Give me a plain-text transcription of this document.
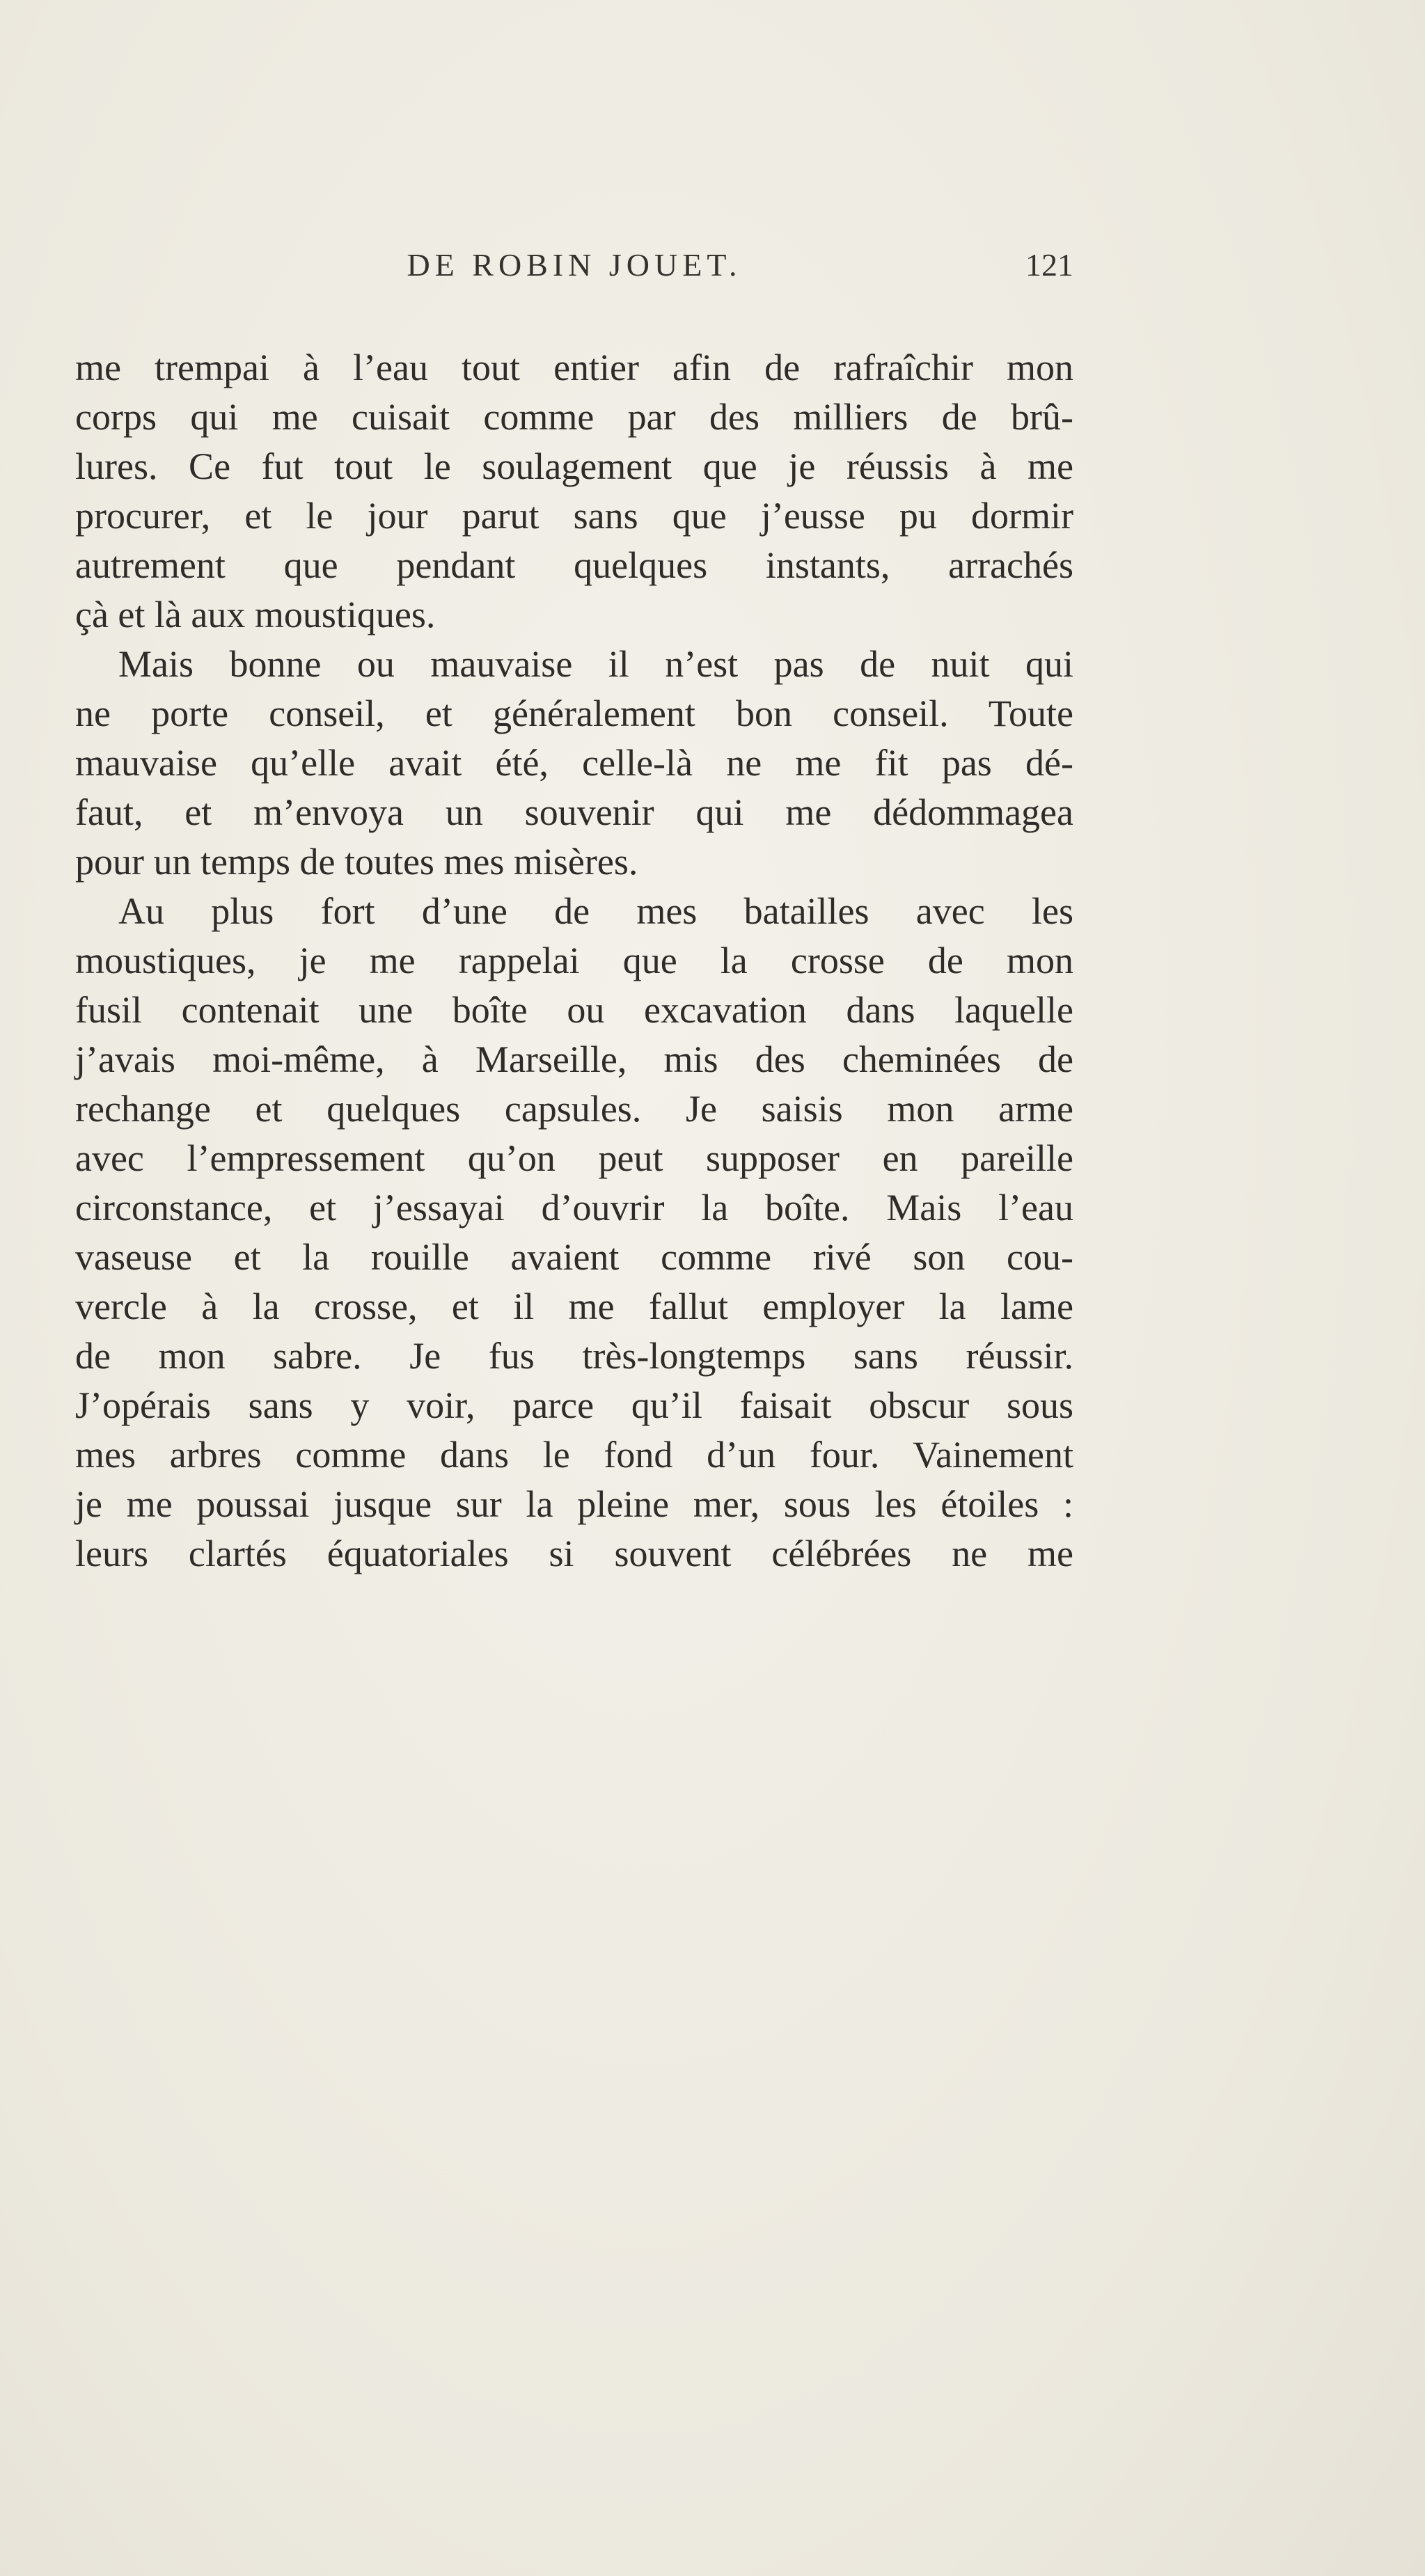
DE ROBIN JOUET.	121
me trempai à l’eau tout entier afin de rafraîchir mon
corps qui me cuisait comme par des milliers de brû-
lures. Ce fut tout le soulagement que je réussis à me
procurer, et le jour parut sans que j’eusse pu dormir
autrement que pendant quelques instants, arrachés
çà et là aux moustiques.
Mais bonne ou mauvaise il n’est pas de nuit qui
ne porte conseil, et généralement bon conseil. Toute
mauvaise qu’elle avait été, celle-là ne me fit pas dé-
faut, et m’envoya un souvenir qui me dédommagea
pour un temps de toutes mes misères.
Au plus fort d’une de mes batailles avec les
moustiques, je me rappelai que la crosse de mon
fusil contenait une boîte ou excavation dans laquelle
j’avais moi-même, à Marseille, mis des cheminées de
rechange et quelques capsules. Je saisis mon arme
avec l’empressement qu’on peut supposer en pareille
circonstance, et j’essayai d’ouvrir la boîte. Mais l’eau
vaseuse et la rouille avaient comme rivé son cou-
vercle à la crosse, et il me fallut employer la lame
de mon sabre. Je fus très-longtemps sans réussir.
J’opérais sans y voir, parce qu’il faisait obscur sous
mes arbres comme dans le fond d’un four. Vainement
je me poussai jusque sur la pleine mer, sous les étoiles :
leurs clartés équatoriales si souvent célébrées ne me
